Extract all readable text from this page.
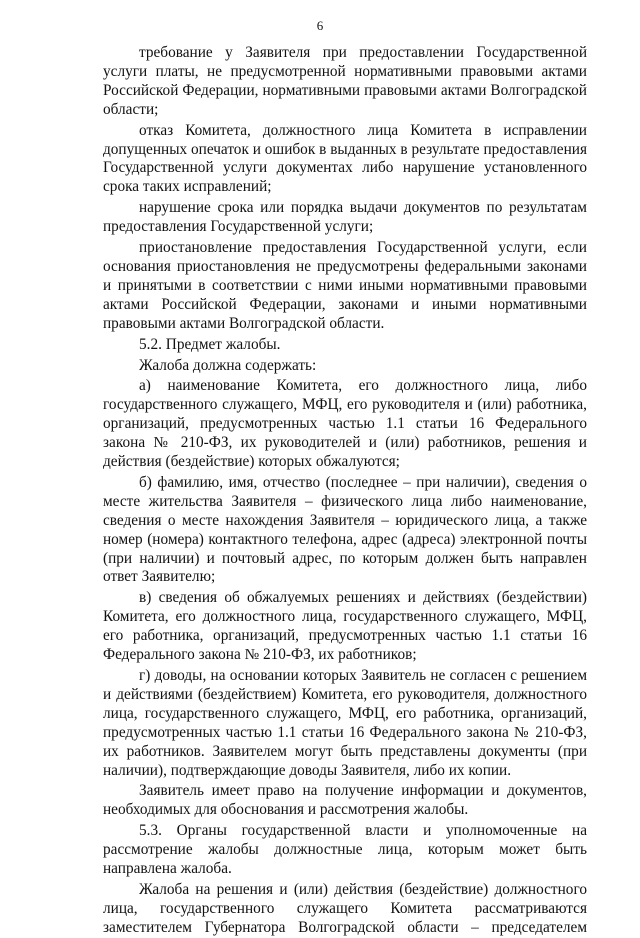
6

требование у Заявителя при предоставлении Государственной услуги платы, не предусмотренной нормативными правовыми актами Российской Федерации, нормативными правовыми актами Волгоградской области;

отказ Комитета, должностного лица Комитета в исправлении допущенных опечаток и ошибок в выданных в результате предоставления Государственной услуги документах либо нарушение установленного срока таких исправлений;

нарушение срока или порядка выдачи документов по результатам предоставления Государственной услуги;

приостановление предоставления Государственной услуги, если основания приостановления не предусмотрены федеральными законами и принятыми в соответствии с ними иными нормативными правовыми актами Российской Федерации, законами и иными нормативными правовыми актами Волгоградской области.

5.2. Предмет жалобы.

Жалоба должна содержать:

а) наименование Комитета, его должностного лица, либо государственного служащего, МФЦ, его руководителя и (или) работника, организаций, предусмотренных частью 1.1 статьи 16 Федерального закона № 210-ФЗ, их руководителей и (или) работников, решения и действия (бездействие) которых обжалуются;

б) фамилию, имя, отчество (последнее – при наличии), сведения о месте жительства Заявителя – физического лица либо наименование, сведения о месте нахождения Заявителя – юридического лица, а также номер (номера) контактного телефона, адрес (адреса) электронной почты (при наличии) и почтовый адрес, по которым должен быть направлен ответ Заявителю;

в) сведения об обжалуемых решениях и действиях (бездействии) Комитета, его должностного лица, государственного служащего, МФЦ, его работника, организаций, предусмотренных частью 1.1 статьи 16 Федерального закона № 210-ФЗ, их работников;

г) доводы, на основании которых Заявитель не согласен с решением и действиями (бездействием) Комитета, его руководителя, должностного лица, государственного служащего, МФЦ, его работника, организаций, предусмотренных частью 1.1 статьи 16 Федерального закона № 210-ФЗ, их работников. Заявителем могут быть представлены документы (при наличии), подтверждающие доводы Заявителя, либо их копии.

Заявитель имеет право на получение информации и документов, необходимых для обоснования и рассмотрения жалобы.

5.3. Органы государственной власти и уполномоченные на рассмотрение жалобы должностные лица, которым может быть направлена жалоба.

Жалоба на решения и (или) действия (бездействие) должностного лица, государственного служащего Комитета рассматриваются заместителем Губернатора Волгоградской области – председателем
